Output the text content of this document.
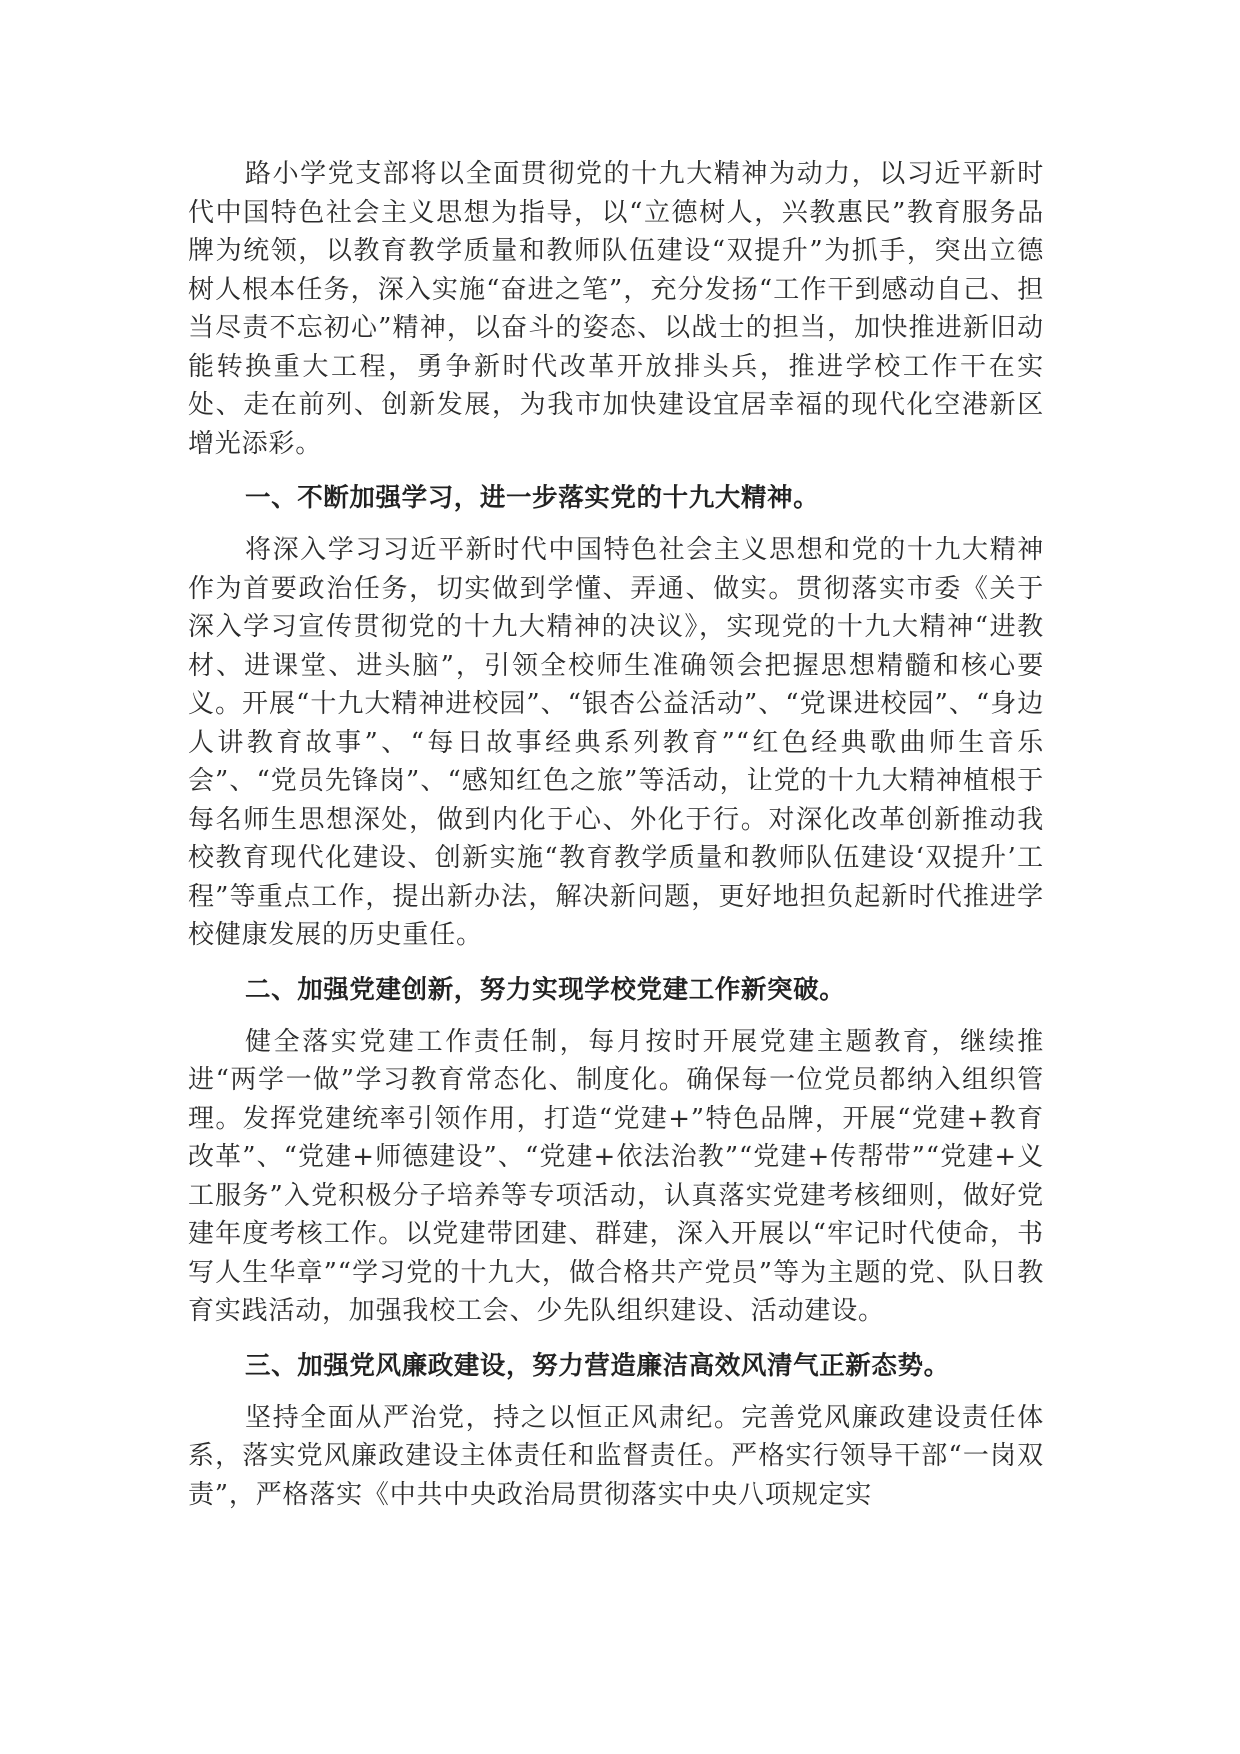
路小学党支部将以全面贯彻党的十九大精神为动力，以习近平新时代中国特色社会主义思想为指导，以“立德树人，兴教惠民”教育服务品牌为统领，以教育教学质量和教师队伍建设“双提升”为抓手，突出立德树人根本任务，深入实施“奋进之笔”，充分发扬“工作干到感动自己、担当尽责不忘初心”精神，以奋斗的姿态、以战士的担当，加快推进新旧动能转换重大工程，勇争新时代改革开放排头兵，推进学校工作干在实处、走在前列、创新发展，为我市加快建设宜居幸福的现代化空港新区增光添彩。

一、不断加强学习，进一步落实党的十九大精神。

将深入学习习近平新时代中国特色社会主义思想和党的十九大精神作为首要政治任务，切实做到学懂、弄通、做实。贯彻落实市委《关于深入学习宣传贯彻党的十九大精神的决议》，实现党的十九大精神“进教材、进课堂、进头脑”，引领全校师生准确领会把握思想精髓和核心要义。开展“十九大精神进校园”、“银杏公益活动”、“党课进校园”、“身边人讲教育故事”、“每日故事经典系列教育”“红色经典歌曲师生音乐会”、“党员先锋岗”、“感知红色之旅”等活动，让党的十九大精神植根于每名师生思想深处，做到内化于心、外化于行。对深化改革创新推动我校教育现代化建设、创新实施“教育教学质量和教师队伍建设‘双提升’工程”等重点工作，提出新办法，解决新问题，更好地担负起新时代推进学校健康发展的历史重任。

二、加强党建创新，努力实现学校党建工作新突破。

健全落实党建工作责任制，每月按时开展党建主题教育，继续推进“两学一做”学习教育常态化、制度化。确保每一位党员都纳入组织管理。发挥党建统率引领作用，打造“党建+”特色品牌，开展“党建+教育改革”、“党建+师德建设”、“党建+依法治教”“党建+传帮带”“党建+义工服务”入党积极分子培养等专项活动，认真落实党建考核细则，做好党建年度考核工作。以党建带团建、群建，深入开展以“牢记时代使命，书写人生华章”“学习党的十九大，做合格共产党员”等为主题的党、队日教育实践活动，加强我校工会、少先队组织建设、活动建设。

三、加强党风廉政建设，努力营造廉洁高效风清气正新态势。

坚持全面从严治党，持之以恒正风肃纪。完善党风廉政建设责任体系，落实党风廉政建设主体责任和监督责任。严格实行领导干部“一岗双责”，严格落实《中共中央政治局贯彻落实中央八项规定实
